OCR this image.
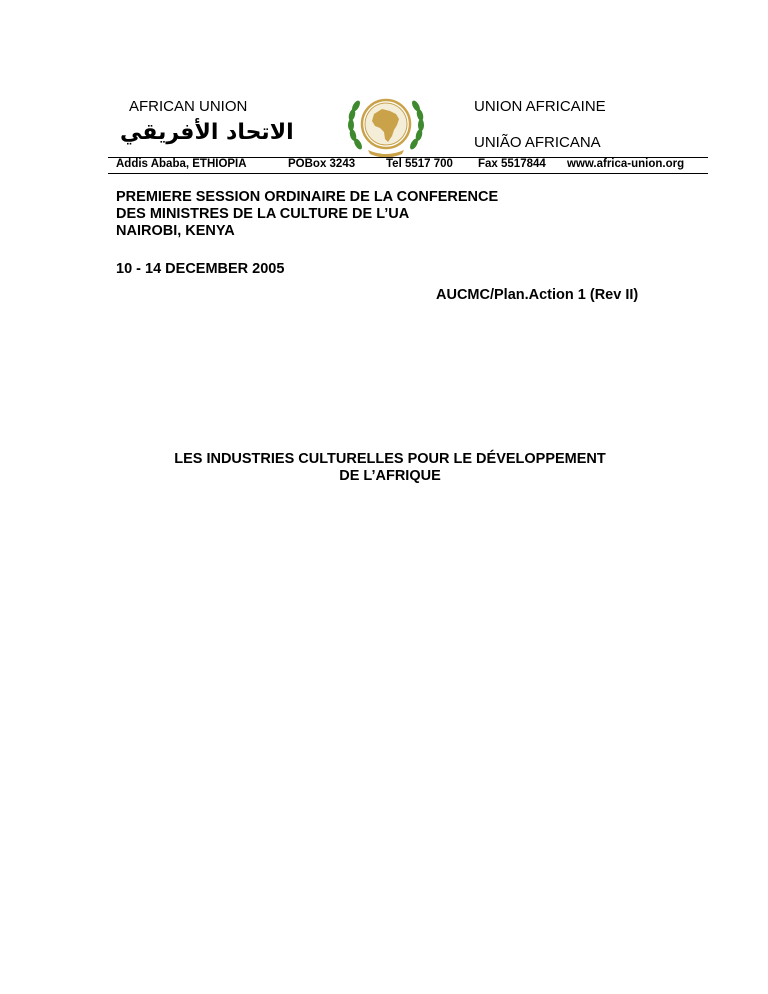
AFRICAN UNION
الاتحاد الأفريقي
UNION AFRICAINE
UNIÃO AFRICANA
Addis Ababa, ETHIOPIA	POBox 3243	Tel 5517 700 Fax 5517844 www.africa-union.org
PREMIERE SESSION ORDINAIRE DE LA CONFERENCE
DES MINISTRES DE LA CULTURE DE L’UA
NAIROBI, KENYA
10 - 14 DECEMBER 2005
AUCMC/Plan.Action 1 (Rev II)
LES INDUSTRIES CULTURELLES POUR LE DÉVELOPPEMENT
DE L’AFRIQUE
